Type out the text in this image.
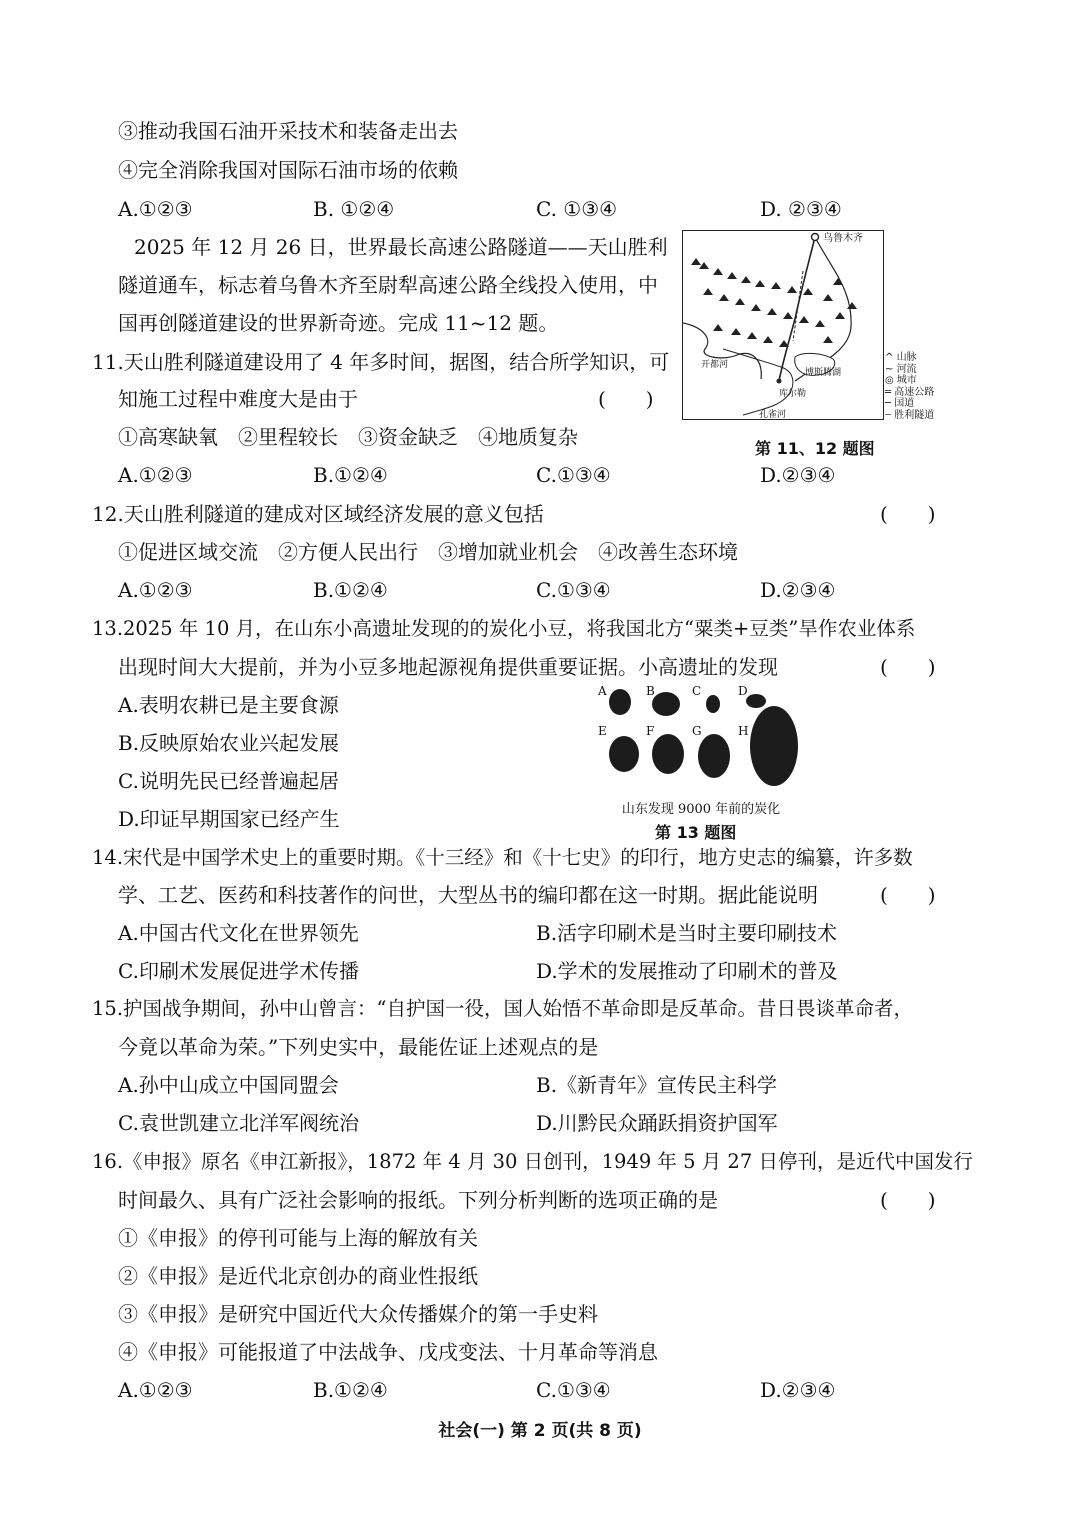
③推动我国石油开采技术和装备走出去
④完全消除我国对国际石油市场的依赖
A.①②③	B. ①②④	C. ①③④	D. ②③④
2025 年 12 月 26 日，世界最长高速公路隧道——天山胜利
隧道通车，标志着乌鲁木齐至尉犁高速公路全线投入使用，中
国再创隧道建设的世界新奇迹。完成 11~12 题。
乌鲁木齐
博斯腾湖
库尔勒
开都河
孔雀河
^ 山脉
~ 河流
◎ 城市
═ 高速公路
─ 国道
┄ 胜利隧道
第 11、12 题图
11.天山胜利隧道建设用了 4 年多时间，据图，结合所学知识，可
知施工过程中难度大是由于	(　　)
①高寒缺氧　②里程较长　③资金缺乏　④地质复杂
A.①②③	B.①②④	C.①③④	D.②③④
12.天山胜利隧道的建成对区域经济发展的意义包括	(　　)
①促进区域交流　②方便人民出行　③增加就业机会　④改善生态环境
A.①②③	B.①②④	C.①③④	D.②③④
13.2025 年 10 月，在山东小高遗址发现的的炭化小豆，将我国北方“粟类+豆类”旱作农业体系
出现时间大大提前，并为小豆多地起源视角提供重要证据。小高遗址的发现	(　　)
A.表明农耕已是主要食源
B.反映原始农业兴起发展
C.说明先民已经普遍起居
D.印证早期国家已经产生
A	B	C	D
E	F	G	H
山东发现 9000 年前的炭化
第 13 题图
14.宋代是中国学术史上的重要时期。《十三经》和《十七史》的印行，地方史志的编纂，许多数
学、工艺、医药和科技著作的问世，大型丛书的编印都在这一时期。据此能说明	(　　)
A.中国古代文化在世界领先	B.活字印刷术是当时主要印刷技术
C.印刷术发展促进学术传播	D.学术的发展推动了印刷术的普及
15.护国战争期间，孙中山曾言：“自护国一役，国人始悟不革命即是反革命。昔日畏谈革命者，
今竟以革命为荣。”下列史实中，最能佐证上述观点的是
A.孙中山成立中国同盟会	B.《新青年》宣传民主科学
C.袁世凯建立北洋军阀统治	D.川黔民众踊跃捐资护国军
16.《申报》原名《申江新报》，1872 年 4 月 30 日创刊，1949 年 5 月 27 日停刊，是近代中国发行
时间最久、具有广泛社会影响的报纸。下列分析判断的选项正确的是	(　　)
①《申报》的停刊可能与上海的解放有关
②《申报》是近代北京创办的商业性报纸
③《申报》是研究中国近代大众传播媒介的第一手史料
④《申报》可能报道了中法战争、戊戌变法、十月革命等消息
A.①②③	B.①②④	C.①③④	D.②③④
社会(一) 第 2 页(共 8 页)
